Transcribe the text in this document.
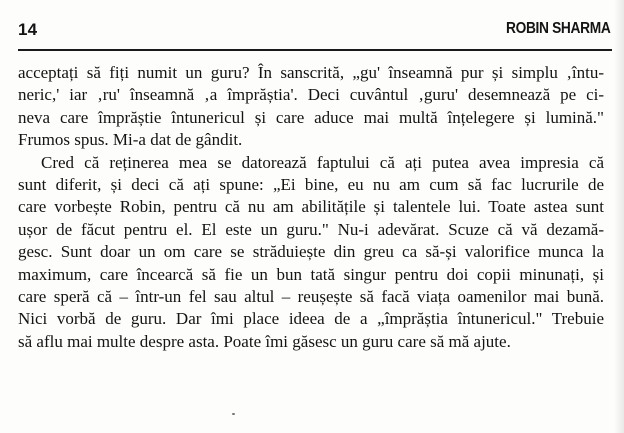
14	ROBIN SHARMA
acceptați să fiți numit un guru? În sanscrită, „gu' înseamnă pur și simplu ‚întu-
neric,' iar ‚ru' înseamnă ‚a împrăștia'. Deci cuvântul ‚guru' desemnează pe ci-
neva care împrăștie întunericul și care aduce mai multă înțelegere și lumină."
Frumos spus. Mi-a dat de gândit.
Cred că reținerea mea se datorează faptului că ați putea avea impresia că
sunt diferit, și deci că ați spune: „Ei bine, eu nu am cum să fac lucrurile de
care vorbește Robin, pentru că nu am abilitățile și talentele lui. Toate astea sunt
ușor de făcut pentru el. El este un guru." Nu-i adevărat. Scuze că vă dezamă-
gesc. Sunt doar un om care se străduiește din greu ca să-și valorifice munca la
maximum, care încearcă să fie un bun tată singur pentru doi copii minunați, și
care speră că – într-un fel sau altul – reușește să facă viața oamenilor mai bună.
Nici vorbă de guru. Dar îmi place ideea de a „împrăștia întunericul." Trebuie
să aflu mai multe despre asta. Poate îmi găsesc un guru care să mă ajute.
